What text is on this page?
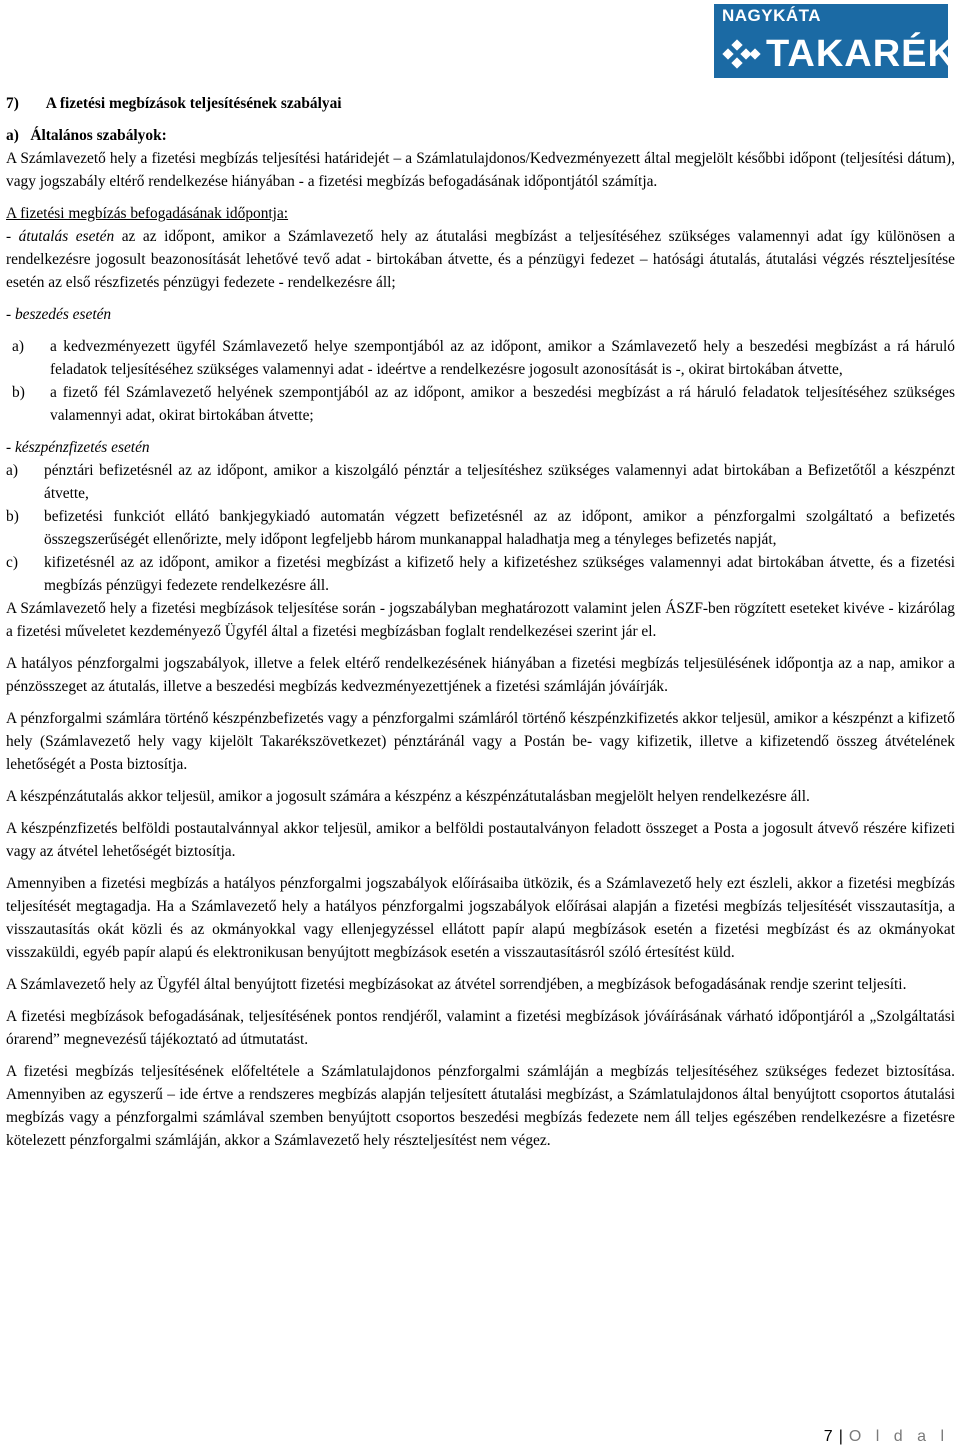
NAGYKÁTA
TAKARÉK
7)       A fizetési megbízások teljesítésének szabályai
a)   Általános szabályok:

A Számlavezető hely a fizetési megbízás teljesítési határidejét – a Számlatulajdonos/Kedvezményezett által megjelölt későbbi időpont (teljesítési dátum), vagy jogszabály eltérő rendelkezése hiányában - a fizetési megbízás befogadásának időpontjától számítja.

A fizetési megbízás befogadásának időpontja:

- átutalás esetén az az időpont, amikor a Számlavezető hely az átutalási megbízást a teljesítéséhez szükséges valamennyi adat így különösen a rendelkezésre jogosult beazonosítását lehetővé tevő adat - birtokában átvette, és a pénzügyi fedezet – hatósági átutalás, átutalási végzés részteljesítése esetén az első részfizetés pénzügyi fedezete - rendelkezésre áll;

- beszedés esetén

a)	a kedvezményezett ügyfél Számlavezető helye szempontjából az az időpont, amikor a Számlavezető hely a beszedési megbízást a rá háruló feladatok teljesítéséhez szükséges valamennyi adat - ideértve a rendelkezésre jogosult azonosítását is -, okirat birtokában átvette,
b)	a fizető fél Számlavezető helyének szempontjából az az időpont, amikor a beszedési megbízást a rá háruló feladatok teljesítéséhez szükséges valamennyi adat, okirat birtokában átvette;

- készpénzfizetés esetén

a)	pénztári befizetésnél az az időpont, amikor a kiszolgáló pénztár a teljesítéshez szükséges valamennyi adat birtokában a Befizetőtől a készpénzt átvette,
b)	befizetési funkciót ellátó bankjegykiadó automatán végzett befizetésnél az az időpont, amikor a pénzforgalmi szolgáltató a befizetés összegszerűségét ellenőrizte, mely időpont legfeljebb három munkanappal haladhatja meg a tényleges befizetés napját,
c)	kifizetésnél az az időpont, amikor a fizetési megbízást a kifizető hely a kifizetéshez szükséges valamennyi adat birtokában átvette, és a fizetési megbízás pénzügyi fedezete rendelkezésre áll.

A Számlavezető hely a fizetési megbízások teljesítése során - jogszabályban meghatározott valamint jelen ÁSZF-ben rögzített eseteket kivéve - kizárólag a fizetési műveletet kezdeményező Ügyfél által a fizetési megbízásban foglalt rendelkezései szerint jár el.

A hatályos pénzforgalmi jogszabályok, illetve a felek eltérő rendelkezésének hiányában a fizetési megbízás teljesülésének időpontja az a nap, amikor a pénzösszeget az átutalás, illetve a beszedési megbízás kedvezményezettjének a fizetési számláján jóváírják.

A pénzforgalmi számlára történő készpénzbefizetés vagy a pénzforgalmi számláról történő készpénzkifizetés akkor teljesül, amikor a készpénzt a kifizető hely (Számlavezető hely vagy kijelölt Takarékszövetkezet) pénztáránál vagy a Postán be- vagy kifizetik, illetve a kifizetendő összeg átvételének lehetőségét a Posta biztosítja.

A készpénzátutalás akkor teljesül, amikor a jogosult számára a készpénz a készpénzátutalásban megjelölt helyen rendelkezésre áll.

A készpénzfizetés belföldi postautalvánnyal akkor teljesül, amikor a belföldi postautalványon feladott összeget a Posta a jogosult átvevő részére kifizeti vagy az átvétel lehetőségét biztosítja.

Amennyiben a fizetési megbízás a hatályos pénzforgalmi jogszabályok előírásaiba ütközik, és a Számlavezető hely ezt észleli, akkor a fizetési megbízás teljesítését megtagadja. Ha a Számlavezető hely a hatályos pénzforgalmi jogszabályok előírásai alapján a fizetési megbízás teljesítését visszautasítja, a visszautasítás okát közli és az okmányokkal vagy ellenjegyzéssel ellátott papír alapú megbízások esetén a fizetési megbízást és az okmányokat visszaküldi, egyéb papír alapú és elektronikusan benyújtott megbízások esetén a visszautasításról szóló értesítést küld.

A Számlavezető hely az Ügyfél által benyújtott fizetési megbízásokat az átvétel sorrendjében, a megbízások befogadásának rendje szerint teljesíti.

A fizetési megbízások befogadásának, teljesítésének pontos rendjéről, valamint a fizetési megbízások jóváírásának várható időpontjáról a „Szolgáltatási órarend” megnevezésű tájékoztató ad útmutatást.

A fizetési megbízás teljesítésének előfeltétele a Számlatulajdonos pénzforgalmi számláján a megbízás teljesítéséhez szükséges fedezet biztosítása. Amennyiben az egyszerű – ide értve a rendszeres megbízás alapján teljesített átutalási megbízást, a Számlatulajdonos által benyújtott csoportos átutalási megbízás vagy a pénzforgalmi számlával szemben benyújtott csoportos beszedési megbízás fedezete nem áll teljes egészében rendelkezésre a fizetésre kötelezett pénzforgalmi számláján, akkor a Számlavezető hely részteljesítést nem végez.

7 | O l d a l
